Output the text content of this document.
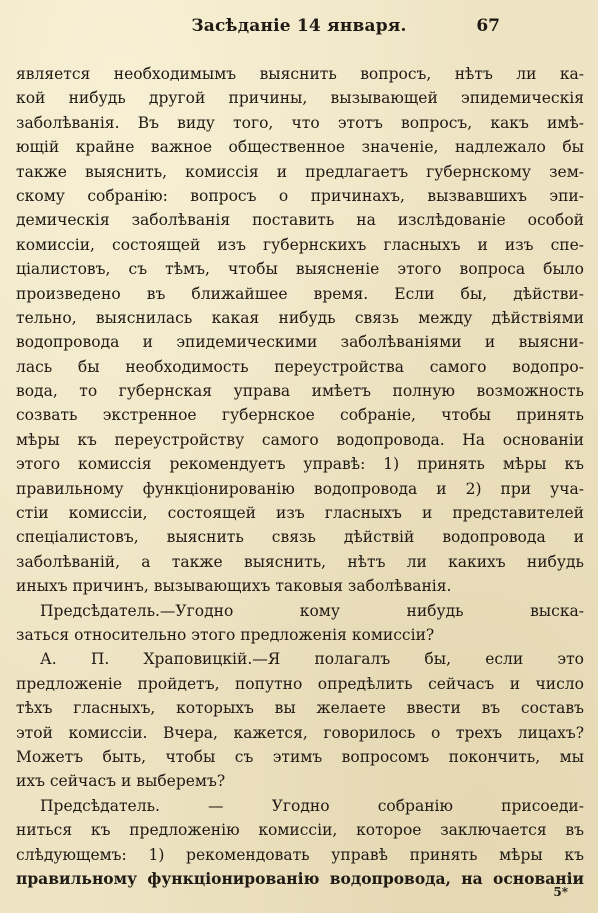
Засѣданіе 14 января.	67
является необходимымъ выяснить вопросъ, нѣтъ ли ка-
кой нибудь другой причины, вызывающей эпидемическія
заболѣванія. Въ виду того, что этотъ вопросъ, какъ имѣ-
ющій крайне важное общественное значеніе, надлежало бы
также выяснить, комиссія и предлагаетъ губернскому зем-
скому собранію: вопросъ о причинахъ, вызвавшихъ эпи-
демическія заболѣванія поставить на изслѣдованіе особой
комиссіи, состоящей изъ губернскихъ гласныхъ и изъ спе-
ціалистовъ, съ тѣмъ, чтобы выясненіе этого вопроса было
произведено въ ближайшее время. Если бы, дѣйстви-
тельно, выяснилась какая нибудь связь между дѣйствіями
водопровода и эпидемическими заболѣваніями и выясни-
лась бы необходимость переустройства самого водопро-
вода, то губернская управа имѣетъ полную возможность
созвать экстренное губернское собраніе, чтобы принять
мѣры къ переустройству самого водопровода. На основаніи
этого комиссія рекомендуетъ управѣ: 1) принять мѣры къ
правильному функціонированію водопровода и 2) при уча-
стіи комиссіи, состоящей изъ гласныхъ и представителей
спеціалистовъ, выяснить связь дѣйствій водопровода и
заболѣваній, а также выяснить, нѣтъ ли какихъ нибудь
иныхъ причинъ, вызывающихъ таковыя заболѣванія.
Предсѣдатель.—Угодно кому нибудь выска-
заться относительно этого предложенія комиссіи?
А. П. Храповицкій.—Я полагалъ бы, если это
предложеніе пройдетъ, попутно опредѣлить сейчасъ и число
тѣхъ гласныхъ, которыхъ вы желаете ввести въ составъ
этой комиссіи. Вчера, кажется, говорилось о трехъ лицахъ?
Можетъ быть, чтобы съ этимъ вопросомъ покончить, мы
ихъ сейчасъ и выберемъ?
Предсѣдатель. — Угодно собранію присоеди-
ниться къ предложенію комиссіи, которое заключается въ
слѣдующемъ: 1) рекомендовать управѣ принять мѣры къ
правильному функціонированію водопровода, на основаніи
5*
